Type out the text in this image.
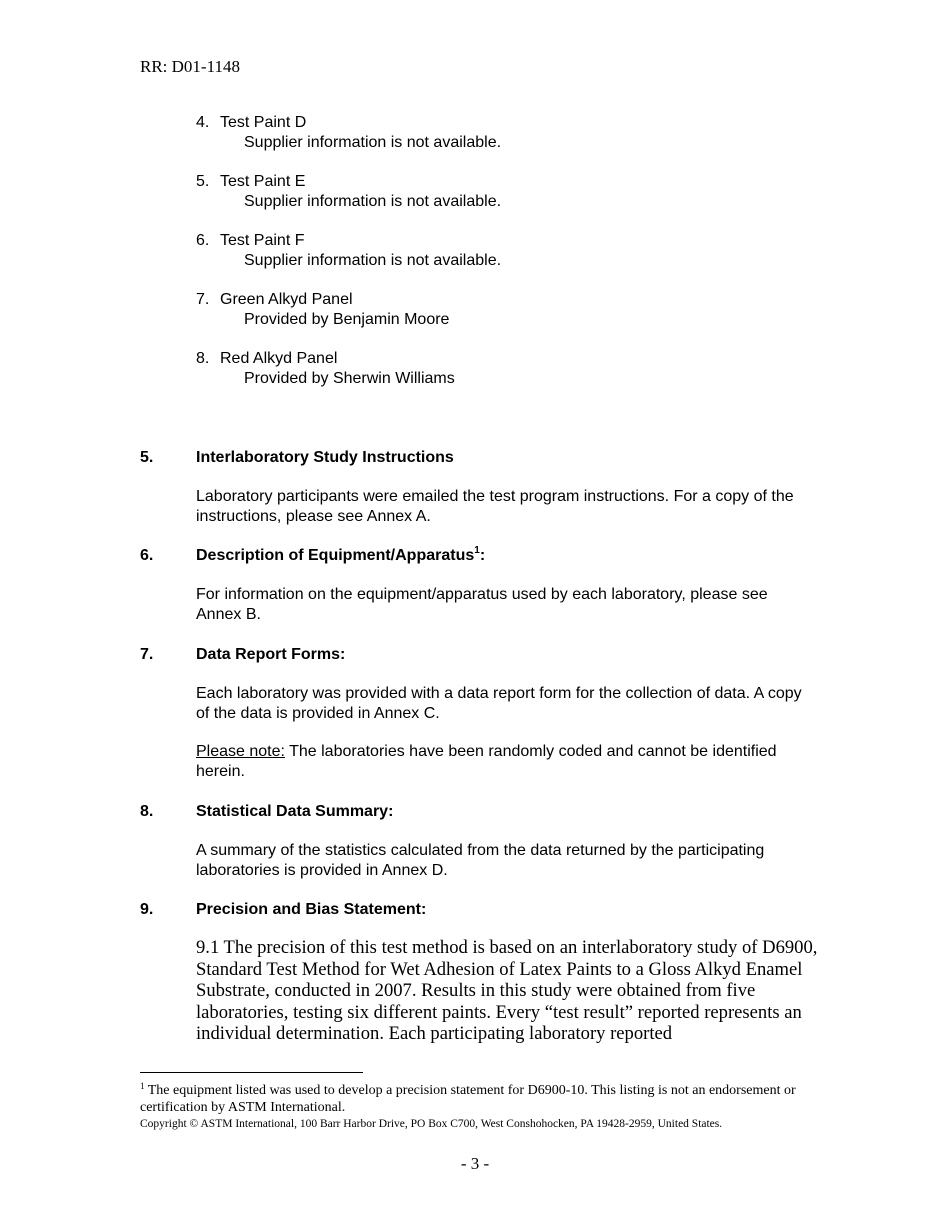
RR: D01-1148
4. Test Paint D
Supplier information is not available.
5. Test Paint E
Supplier information is not available.
6. Test Paint F
Supplier information is not available.
7. Green Alkyd Panel
Provided by Benjamin Moore
8. Red Alkyd Panel
Provided by Sherwin Williams
5.	Interlaboratory Study Instructions
Laboratory participants were emailed the test program instructions. For a copy of the instructions, please see Annex A.
6.	Description of Equipment/Apparatus$^1$:
For information on the equipment/apparatus used by each laboratory, please see Annex B.
7.	Data Report Forms:
Each laboratory was provided with a data report form for the collection of data. A copy of the data is provided in Annex C.
Please note: The laboratories have been randomly coded and cannot be identified herein.
8.	Statistical Data Summary:
A summary of the statistics calculated from the data returned by the participating laboratories is provided in Annex D.
9.	Precision and Bias Statement:
9.1 The precision of this test method is based on an interlaboratory study of D6900, Standard Test Method for Wet Adhesion of Latex Paints to a Gloss Alkyd Enamel Substrate, conducted in 2007. Results in this study were obtained from five laboratories, testing six different paints. Every “test result” reported represents an individual determination. Each participating laboratory reported
$^1$ The equipment listed was used to develop a precision statement for D6900-10. This listing is not an endorsement or certification by ASTM International.
Copyright © ASTM International, 100 Barr Harbor Drive, PO Box C700, West Conshohocken, PA 19428-2959, United States.
- 3 -
